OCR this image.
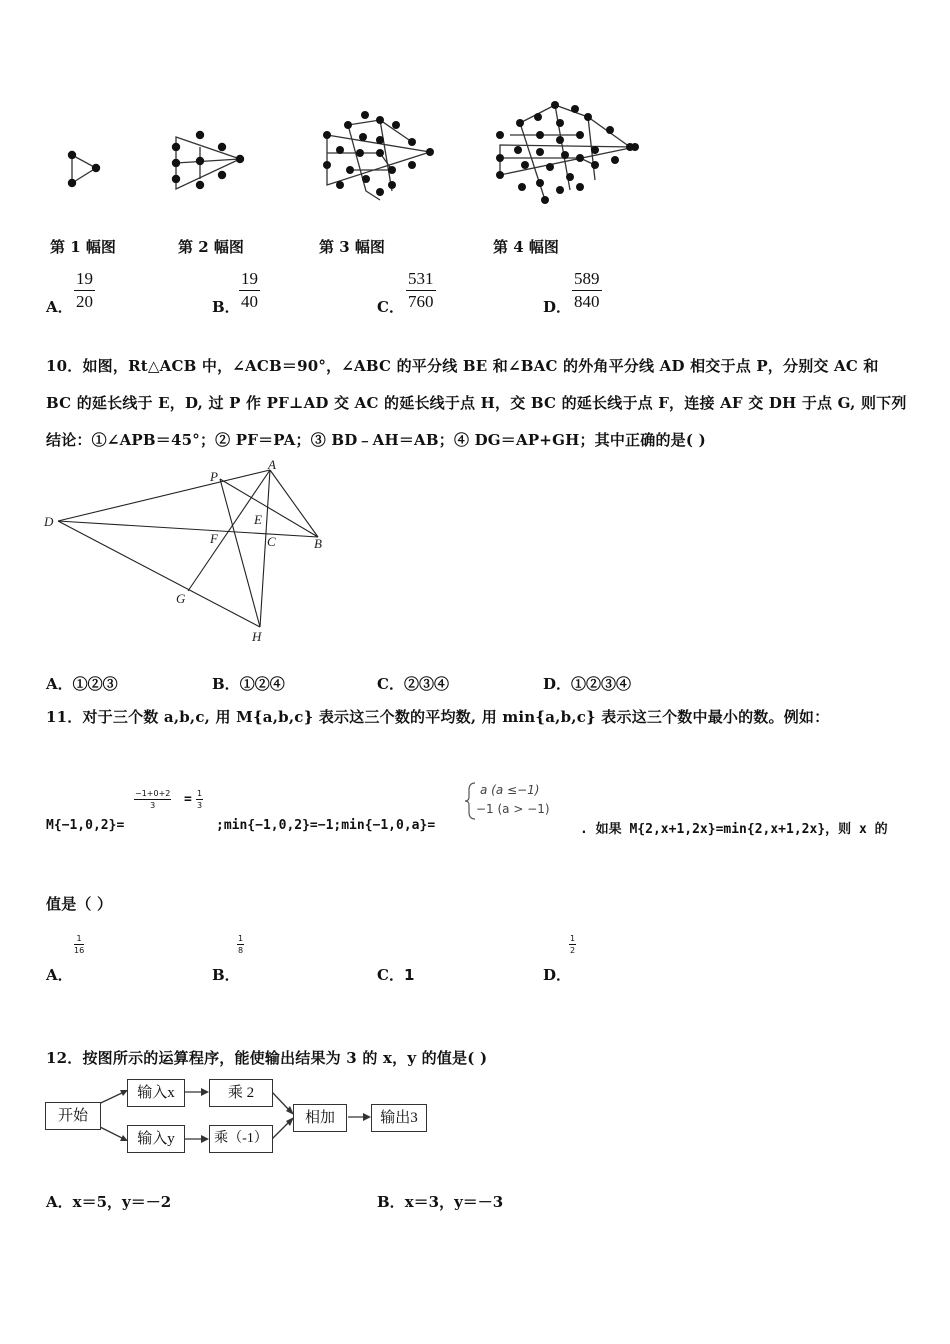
第 1 幅图	第 2 幅图	第 3 幅图	第 4 幅图
A． $\frac{19}{20}$	B． $\frac{19}{40}$	C． $\frac{531}{760}$	D． $\frac{589}{840}$
10．如图，Rt△ACB 中，∠ACB＝90°，∠ABC 的平分线 BE 和∠BAC 的外角平分线 AD 相交于点 P，分别交 AC 和
BC 的延长线于 E，D, 过 P 作 PF⊥AD 交 AC 的延长线于点 H，交 BC 的延长线于点 F，连接 AF 交 DH 于点 G, 则下列
结论：①∠APB＝45°；② PF＝PA；③ BD﹣AH＝AB；④ DG＝AP+GH；其中正确的是( )
A
P
D	E
F	C	B
G
H
A．①②③	B．①②④	C．②③④	D．①②③④
11．对于三个数 a,b,c, 用 M{a,b,c} 表示这三个数的平均数, 用 min{a,b,c} 表示这三个数中最小的数。例如：
M{−1,0,2}=
$\frac{-1+0+2}{3} = \frac{1}{3}$
;min{−1,0,2}=−1;min{−1,0,a}=
a (a ≤−1)
−1 (a > −1)
. 如果 M{2,x+1,2x}=min{2,x+1,2x}，则 x 的
值是（ ）
A．
$\frac{1}{16}$
B．
$\frac{1}{8}$
C．1	D．
$\frac{1}{2}$
12．按图所示的运算程序，能使输出结果为 3 的 x，y 的值是( )
开始
输入x
输入y
乘 2
乘（-1）
相加	输出3
A．x＝5，y＝－2	B．x＝3，y＝－3
